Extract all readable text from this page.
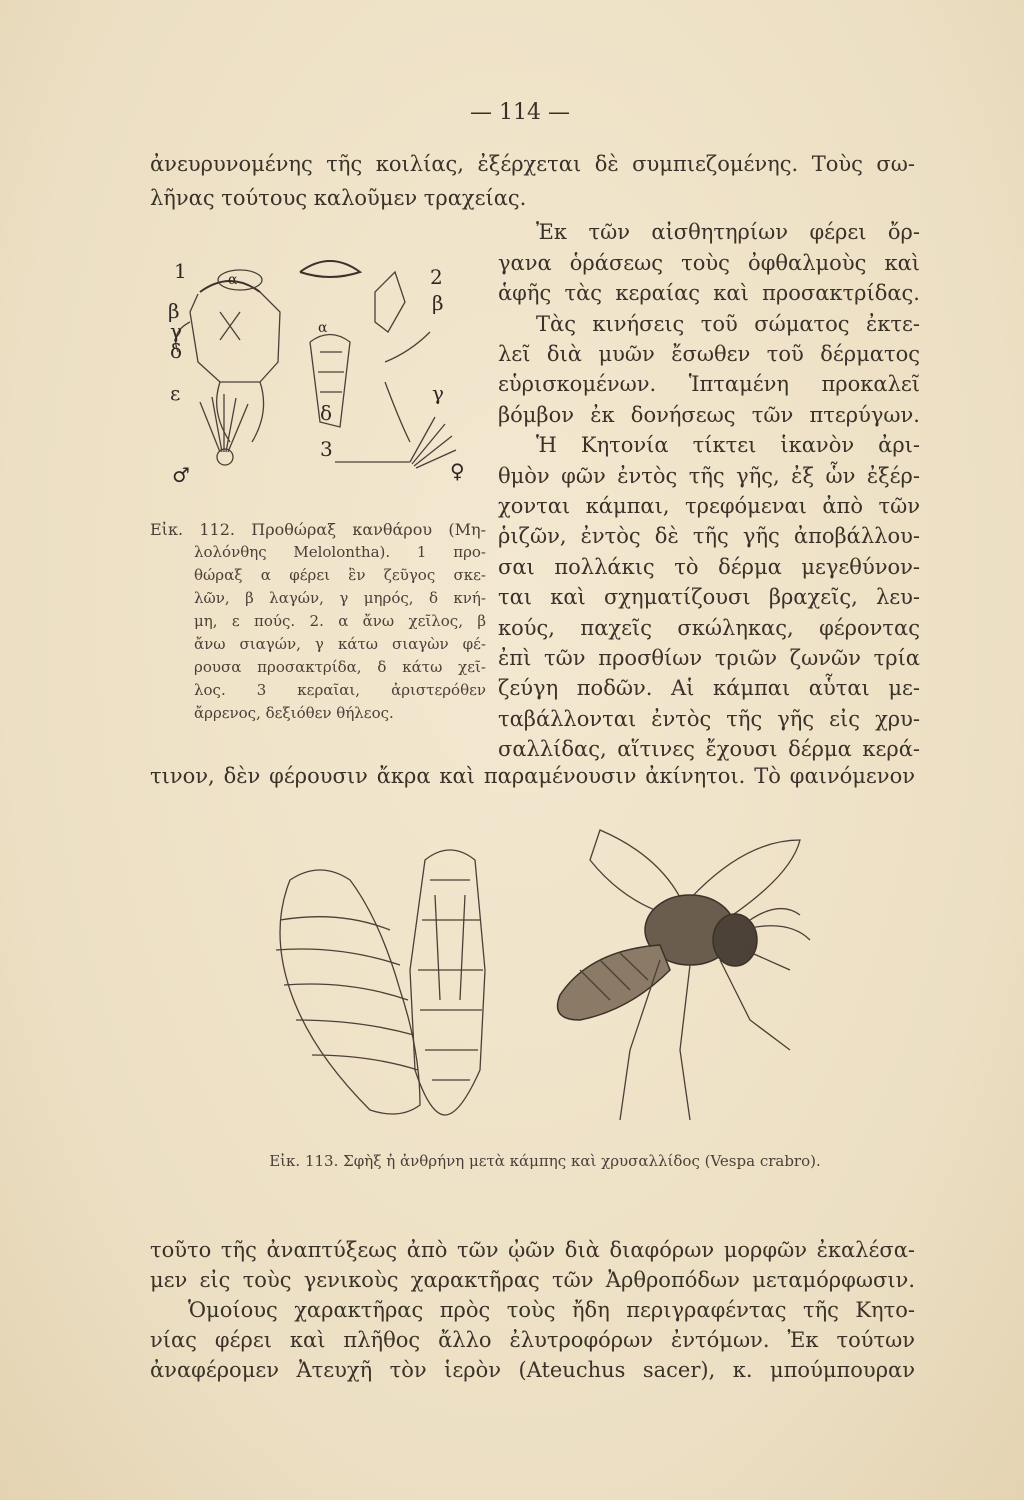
— 114 —
ἀνευρυνομένης τῆς κοιλίας, ἐξέρχεται δὲ συμπιεζομένης. Τοὺς σω-
λῆνας τούτους καλοῦμεν τραχείας.
Ἐκ τῶν αἰσθητηρίων φέρει ὄρ-
γανα ὁράσεως τοὺς ὀφθαλμοὺς καὶ
ἁφῆς τὰς κεραίας καὶ προσακτρίδας.
Τὰς κινήσεις τοῦ σώματος ἐκτε-
λεῖ διὰ μυῶν ἔσωθεν τοῦ δέρματος
εὑρισκομένων. Ἱπταμένη προκαλεῖ
βόμβον ἐκ δονήσεως τῶν πτερύγων.
Ἡ Κητονία τίκτει ἱκανὸν ἀρι-
θμὸν φῶν ἐντὸς τῆς γῆς, ἐξ ὧν ἐξέρ-
χονται κάμπαι, τρεφόμεναι ἀπὸ τῶν
ῥιζῶν, ἐντὸς δὲ τῆς γῆς ἀποβάλλου-
σαι πολλάκις τὸ δέρμα μεγεθύνον-
ται καὶ σχηματίζουσι βραχεῖς, λευ-
κούς, παχεῖς σκώληκας, φέροντας
ἐπὶ τῶν προσθίων τριῶν ζωνῶν τρία
ζεύγη ποδῶν. Αἱ κάμπαι αὗται με-
ταβάλλονται ἐντὸς τῆς γῆς εἰς χρυ-
σαλλίδας, αἵτινες ἔχουσι δέρμα κερά-
τινον, δὲν φέρουσιν ἄκρα καὶ παραμένουσιν ἀκίνητοι. Τὸ φαινόμενον
1	α
β
γ
δ
ε
2
α
β
γ
δ
3
♂	♀
Εἰκ. 112. Προθώραξ κανθάρου (Μη-
λολόνθης Melolontha). 1 προ-
θώραξ α φέρει ἓν ζεῦγος σκε-
λῶν, β λαγών, γ μηρός, δ κνή-
μη, ε πούς. 2. α ἄνω χεῖλος, β
ἄνω σιαγών, γ κάτω σιαγὼν φέ-
ρουσα προσακτρίδα, δ κάτω χεῖ-
λος. 3 κεραῖαι, ἀριστερόθεν
ἄρρενος, δεξιόθεν θήλεος.
Εἰκ. 113. Σφὴξ ἡ ἀνθρήνη μετὰ κάμπης καὶ χρυσαλλίδος (Vespa crabro).
τοῦτο τῆς ἀναπτύξεως ἀπὸ τῶν ᾠῶν διὰ διαφόρων μορφῶν ἐκαλέσα-
μεν εἰς τοὺς γενικοὺς χαρακτῆρας τῶν Ἀρθροπόδων μεταμόρφωσιν.
Ὁμοίους χαρακτῆρας πρὸς τοὺς ἤδη περιγραφέντας τῆς Κητο-
νίας φέρει καὶ πλῆθος ἄλλο ἐλυτροφόρων ἐντόμων. Ἐκ τούτων
ἀναφέρομεν Ἀτευχῆ τὸν ἱερὸν (Ateuchus sacer), κ. μπούμπουραν
